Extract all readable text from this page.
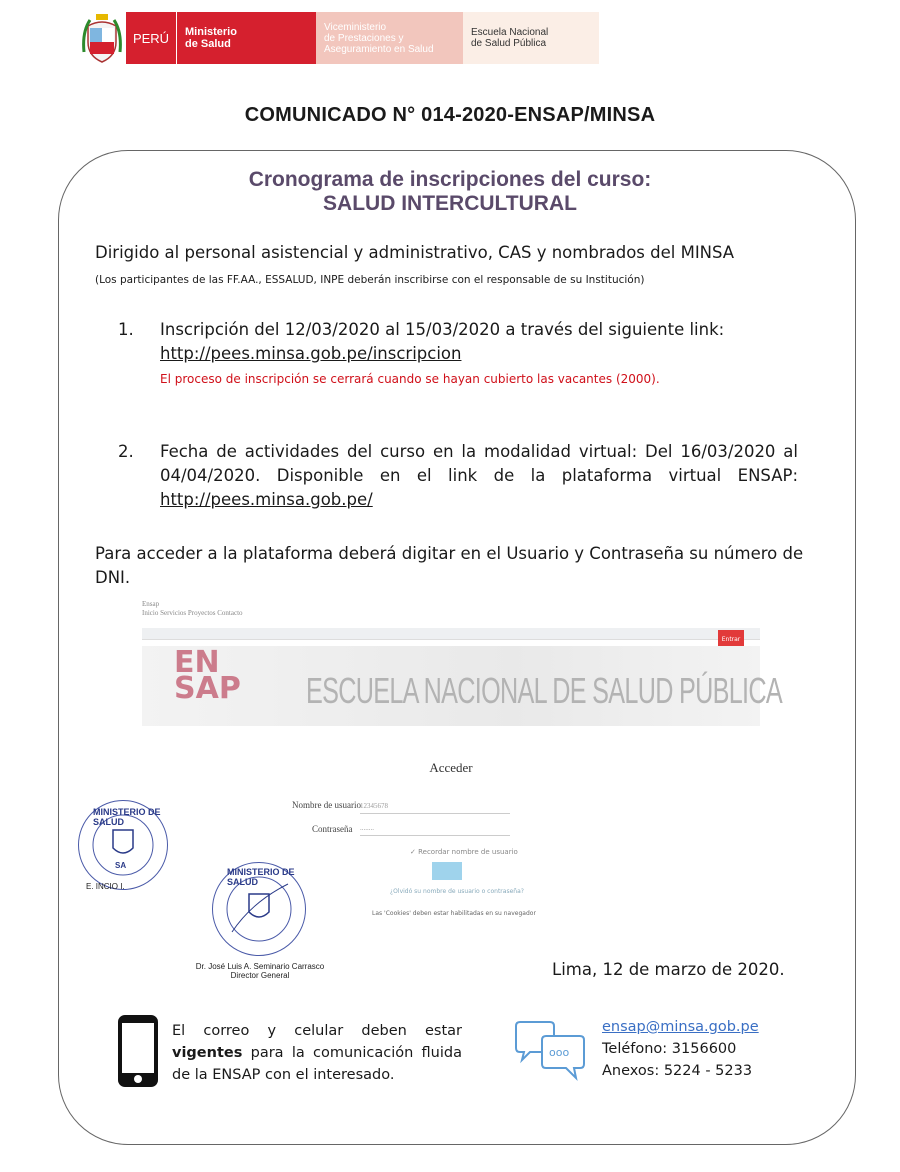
PERÚ	Ministerio
de Salud
Viceministerio
de Prestaciones y
Aseguramiento en Salud
Escuela Nacional
de Salud Pública
COMUNICADO N° 014-2020-ENSAP/MINSA
Cronograma de inscripciones del curso:
SALUD INTERCULTURAL
Dirigido al personal asistencial y administrativo, CAS y nombrados del MINSA
(Los participantes de las FF.AA., ESSALUD, INPE deberán inscribirse con el responsable de su Institución)
1. Inscripción del 12/03/2020 al 15/03/2020 a través del siguiente link:
http://pees.minsa.gob.pe/inscripcion
El proceso de inscripción se cerrará cuando se hayan cubierto las vacantes (2000).
2. Fecha de actividades del curso en la modalidad virtual: Del 16/03/2020 al 04/04/2020. Disponible en el link de la plataforma virtual ENSAP: http://pees.minsa.gob.pe/
Para acceder a la plataforma deberá digitar en el Usuario y Contraseña su número de DNI.
Ensap
Inicio Servicios Proyectos Contacto
Entrar
EN
SAP ESCUELA NACIONAL DE SALUD PÚBLICA
Acceder
Nombre de usuario 12345678
Contraseña ........
✓ Recordar nombre de usuario
¿Olvidó su nombre de usuario o contraseña?
Las 'Cookies' deben estar habilitadas en su navegador
MINISTERIO DE SALUD
SA
E. INCIO I.
MINISTERIO DE SALUD
Dr. José Luis A. Seminario Carrasco
Director General	Lima, 12 de marzo de 2020.
El correo y celular deben estar vigentes para la comunicación fluida de la ENSAP con el interesado.
ooo
ensap@minsa.gob.pe
Teléfono: 3156600
Anexos: 5224 - 5233
